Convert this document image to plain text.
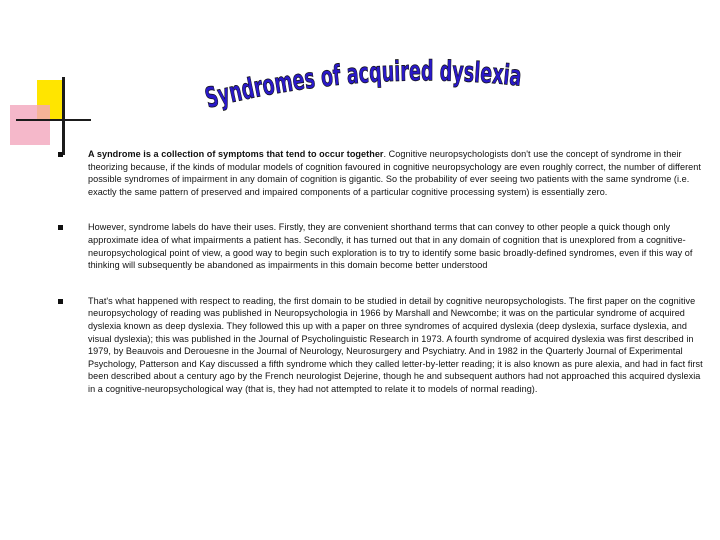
Syndromes of acquired dyslexia

A syndrome is a collection of symptoms that tend to occur together. Cognitive neuropsychologists don't use the concept of syndrome in their theorizing because, if the kinds of modular models of cognition favoured in cognitive neuropsychology are even roughly correct, the number of different possible syndromes of impairment in any domain of cognition is gigantic. So the probability of ever seeing two patients with the same syndrome (i.e. exactly the same pattern of preserved and impaired components of a particular cognitive processing system) is essentially zero.

However, syndrome labels do have their uses. Firstly, they are convenient shorthand terms that can convey to other people a quick though only approximate idea of what impairments a patient has. Secondly, it has turned out that in any domain of cognition that is unexplored from a cognitive-neuropsychological point of view, a good way to begin such exploration is to try to identify some basic broadly-defined syndromes, even if this way of thinking will subsequently be abandoned as impairments in this domain become better understood

That's what happened with respect to reading, the first domain to be studied in detail by cognitive neuropsychologists. The first paper on the cognitive neuropsychology of reading was published in Neuropsychologia in 1966 by Marshall and Newcombe; it was on the particular syndrome of acquired dyslexia known as deep dyslexia. They followed this up with a paper on three syndromes of acquired dyslexia (deep dyslexia, surface dyslexia, and visual dyslexia); this was published in the Journal of Psycholinguistic Research in 1973. A fourth syndrome of acquired dyslexia was first described in 1979, by Beauvois and Derouesne in the Journal of Neurology, Neurosurgery and Psychiatry. And in 1982 in the Quarterly Journal of Experimental Psychology, Patterson and Kay discussed a fifth syndrome which they called letter-by-letter reading; it is also known as pure alexia, and had in fact first been described about a century ago by the French neurologist Dejerine, though he and subsequent authors had not approached this acquired dyslexia in a cognitive-neuropsychological way (that is, they had not attempted to relate it to models of normal reading).
